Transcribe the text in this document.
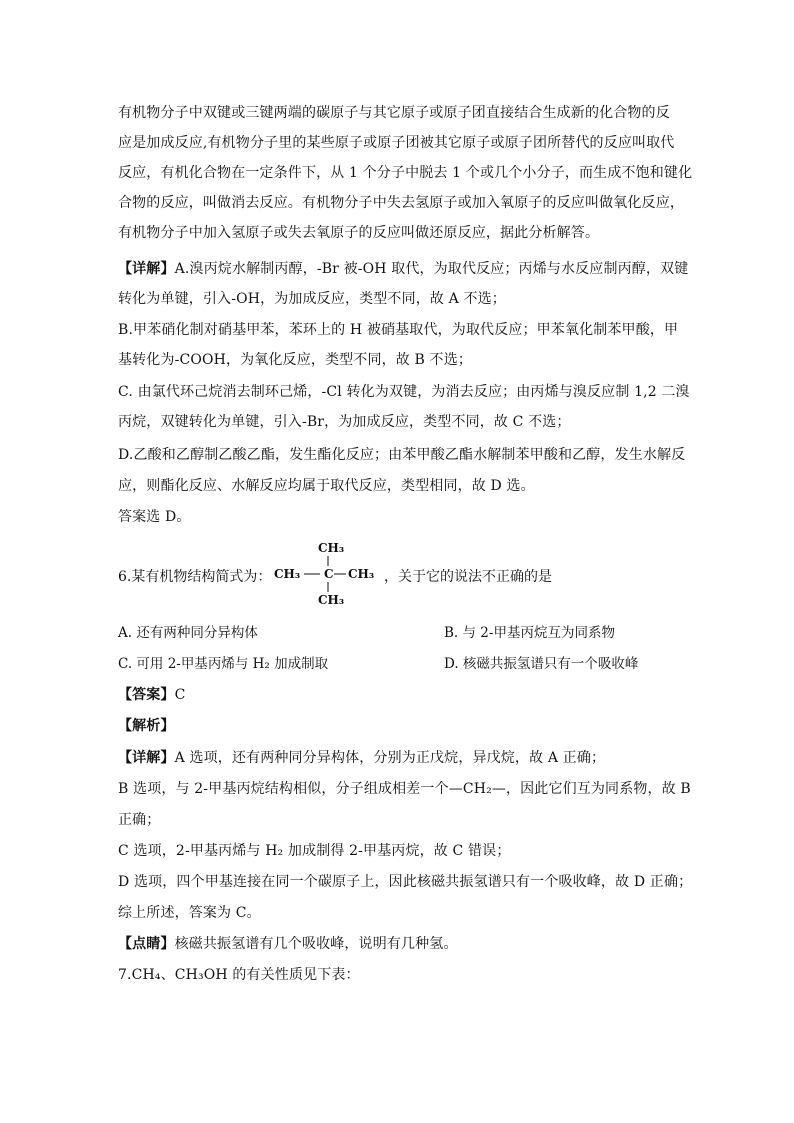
有机物分子中双键或三键两端的碳原子与其它原子或原子团直接结合生成新的化合物的反
应是加成反应,有机物分子里的某些原子或原子团被其它原子或原子团所替代的反应叫取代
反应，有机化合物在一定条件下，从 1 个分子中脱去 1 个或几个小分子，而生成不饱和键化
合物的反应，叫做消去反应。有机物分子中失去氢原子或加入氧原子的反应叫做氧化反应，
有机物分子中加入氢原子或失去氧原子的反应叫做还原反应，据此分析解答。
【详解】A.溴丙烷水解制丙醇，-Br 被-OH 取代，为取代反应；丙烯与水反应制丙醇，双键
转化为单键，引入-OH，为加成反应，类型不同，故 A 不选；
B.甲苯硝化制对硝基甲苯，苯环上的 H 被硝基取代，为取代反应；甲苯氧化制苯甲酸，甲
基转化为-COOH，为氧化反应，类型不同，故 B 不选；
C. 由氯代环己烷消去制环己烯，-Cl 转化为双键，为消去反应；由丙烯与溴反应制 1,2 二溴
丙烷，双键转化为单键，引入-Br，为加成反应，类型不同，故 C 不选；
D.乙酸和乙醇制乙酸乙酯，发生酯化反应；由苯甲酸乙酯水解制苯甲酸和乙醇，发生水解反
应，则酯化反应、水解反应均属于取代反应，类型相同，故 D 选。
答案选 D。
6.某有机物结构简式为：
CH₃
CH₃ C CH₃
CH₃
，关于它的说法不正确的是
A. 还有两种同分异构体	B. 与 2-甲基丙烷互为同系物
C. 可用 2-甲基丙烯与 H₂ 加成制取	D. 核磁共振氢谱只有一个吸收峰
【答案】C
【解析】
【详解】A 选项，还有两种同分异构体，分别为正戊烷，异戊烷，故 A 正确；
B 选项，与 2-甲基丙烷结构相似，分子组成相差一个—CH₂—，因此它们互为同系物，故 B
正确；
C 选项，2-甲基丙烯与 H₂ 加成制得 2-甲基丙烷，故 C 错误；
D 选项，四个甲基连接在同一个碳原子上，因此核磁共振氢谱只有一个吸收峰，故 D 正确；
综上所述，答案为 C。
【点睛】核磁共振氢谱有几个吸收峰，说明有几种氢。
7.CH₄、CH₃OH 的有关性质见下表：
